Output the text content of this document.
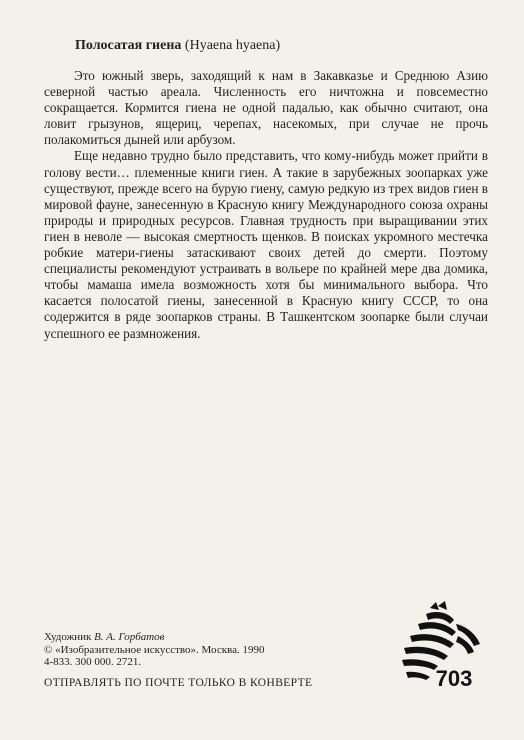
Полосатая гиена (Hyaena hyaena)

Это южный зверь, заходящий к нам в Закавказье и Среднюю Азию северной частью ареала. Численность его ничтожна и повсеместно сокращается. Кормится гиена не одной падалью, как обычно считают, она ловит грызунов, ящериц, черепах, насекомых, при случае не прочь полакомиться дыней или арбузом.

Еще недавно трудно было представить, что кому-нибудь может прийти в голову вести… племенные книги гиен. А такие в зарубежных зоопарках уже существуют, прежде всего на бурую гиену, самую редкую из трех видов гиен в мировой фауне, занесенную в Красную книгу Международного союза охраны природы и природных ресурсов. Главная трудность при выращивании этих гиен в неволе — высокая смертность щенков. В поисках укромного местечка робкие матери-гиены затаскивают своих детей до смерти. Поэтому специалисты рекомендуют устраивать в вольере по крайней мере два домика, чтобы мамаша имела возможность хотя бы минимального выбора. Что касается полосатой гиены, занесенной в Красную книгу СССР, то она содержится в ряде зоопарков страны. В Ташкентском зоопарке были случаи успешного ее размножения.

Художник В. А. Горбатов
© «Изобразительное искусство». Москва. 1990
4-833. 300 000. 2721.
ОТПРАВЛЯТЬ ПО ПОЧТЕ ТОЛЬКО В КОНВЕРТЕ	703
